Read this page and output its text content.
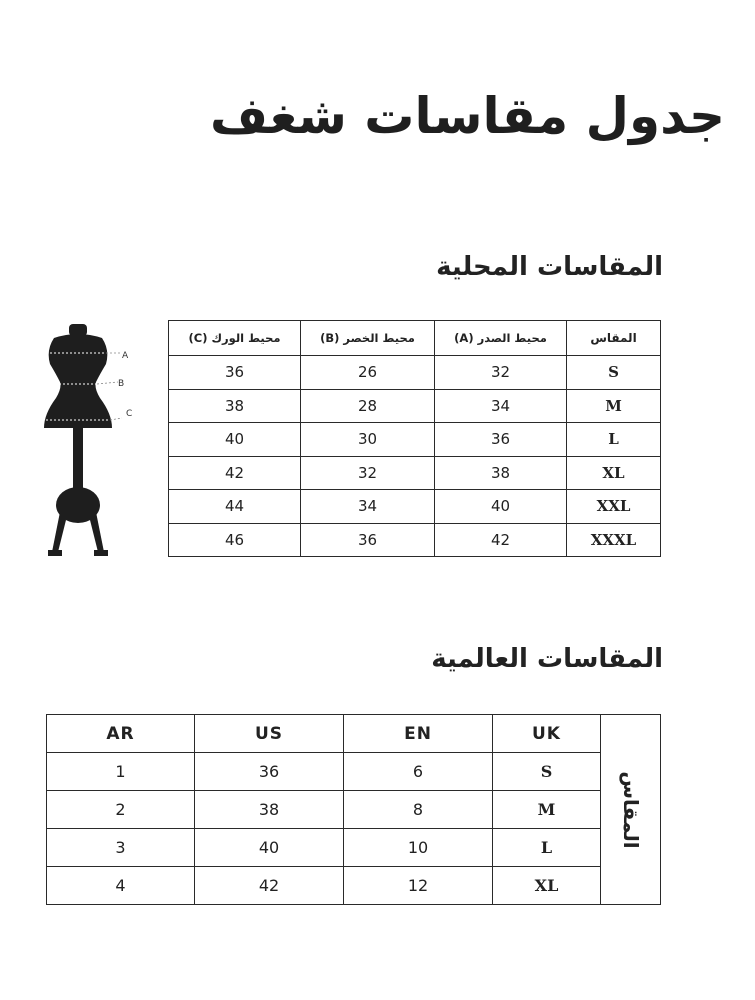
جدول مقاسات شغف
المقاسات المحلية
A
B
C
محيط الورك (C)	محيط الخصر (B)	محيط الصدر (A)	المقاس
36	26	32	S
38	28	34	M
40	30	36	L
42	32	38	XL
44	34	40	XXL
46	36	42	XXXL
المقاسات العالمية
AR	US	EN	UK	المقاس

1	36	6	S	
2	38	8	M	
3	40	10	L	
4	42	12	XL	
